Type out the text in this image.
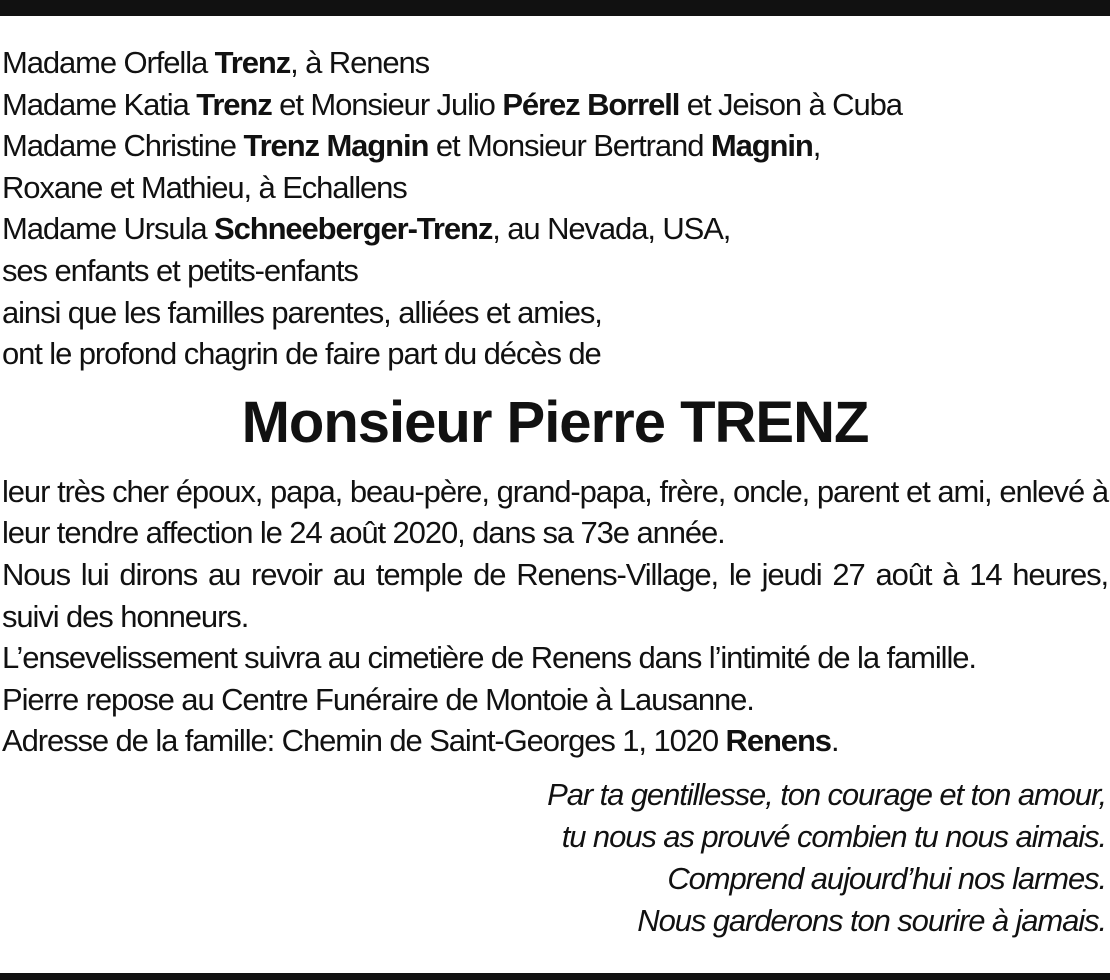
Madame Orfella Trenz, à Renens
Madame Katia Trenz et Monsieur Julio Pérez Borrell et Jeison à Cuba
Madame Christine Trenz Magnin et Monsieur Bertrand Magnin,
Roxane et Mathieu, à Echallens
Madame Ursula Schneeberger-Trenz, au Nevada, USA,
ses enfants et petits-enfants
ainsi que les familles parentes, alliées et amies,
ont le profond chagrin de faire part du décès de
Monsieur Pierre TRENZ

leur très cher époux, papa, beau-père, grand-papa, frère, oncle, parent et ami, enlevé à leur tendre affection le 24 août 2020, dans sa 73e année.

Nous lui dirons au revoir au temple de Renens-Village, le jeudi 27 août à 14 heures, suivi des honneurs.

L’ensevelissement suivra au cimetière de Renens dans l’intimité de la famille.

Pierre repose au Centre Funéraire de Montoie à Lausanne.

Adresse de la famille: Chemin de Saint-Georges 1, 1020 Renens.

Par ta gentillesse, ton courage et ton amour,
tu nous as prouvé combien tu nous aimais.
Comprend aujourd’hui nos larmes.
Nous garderons ton sourire à jamais.
